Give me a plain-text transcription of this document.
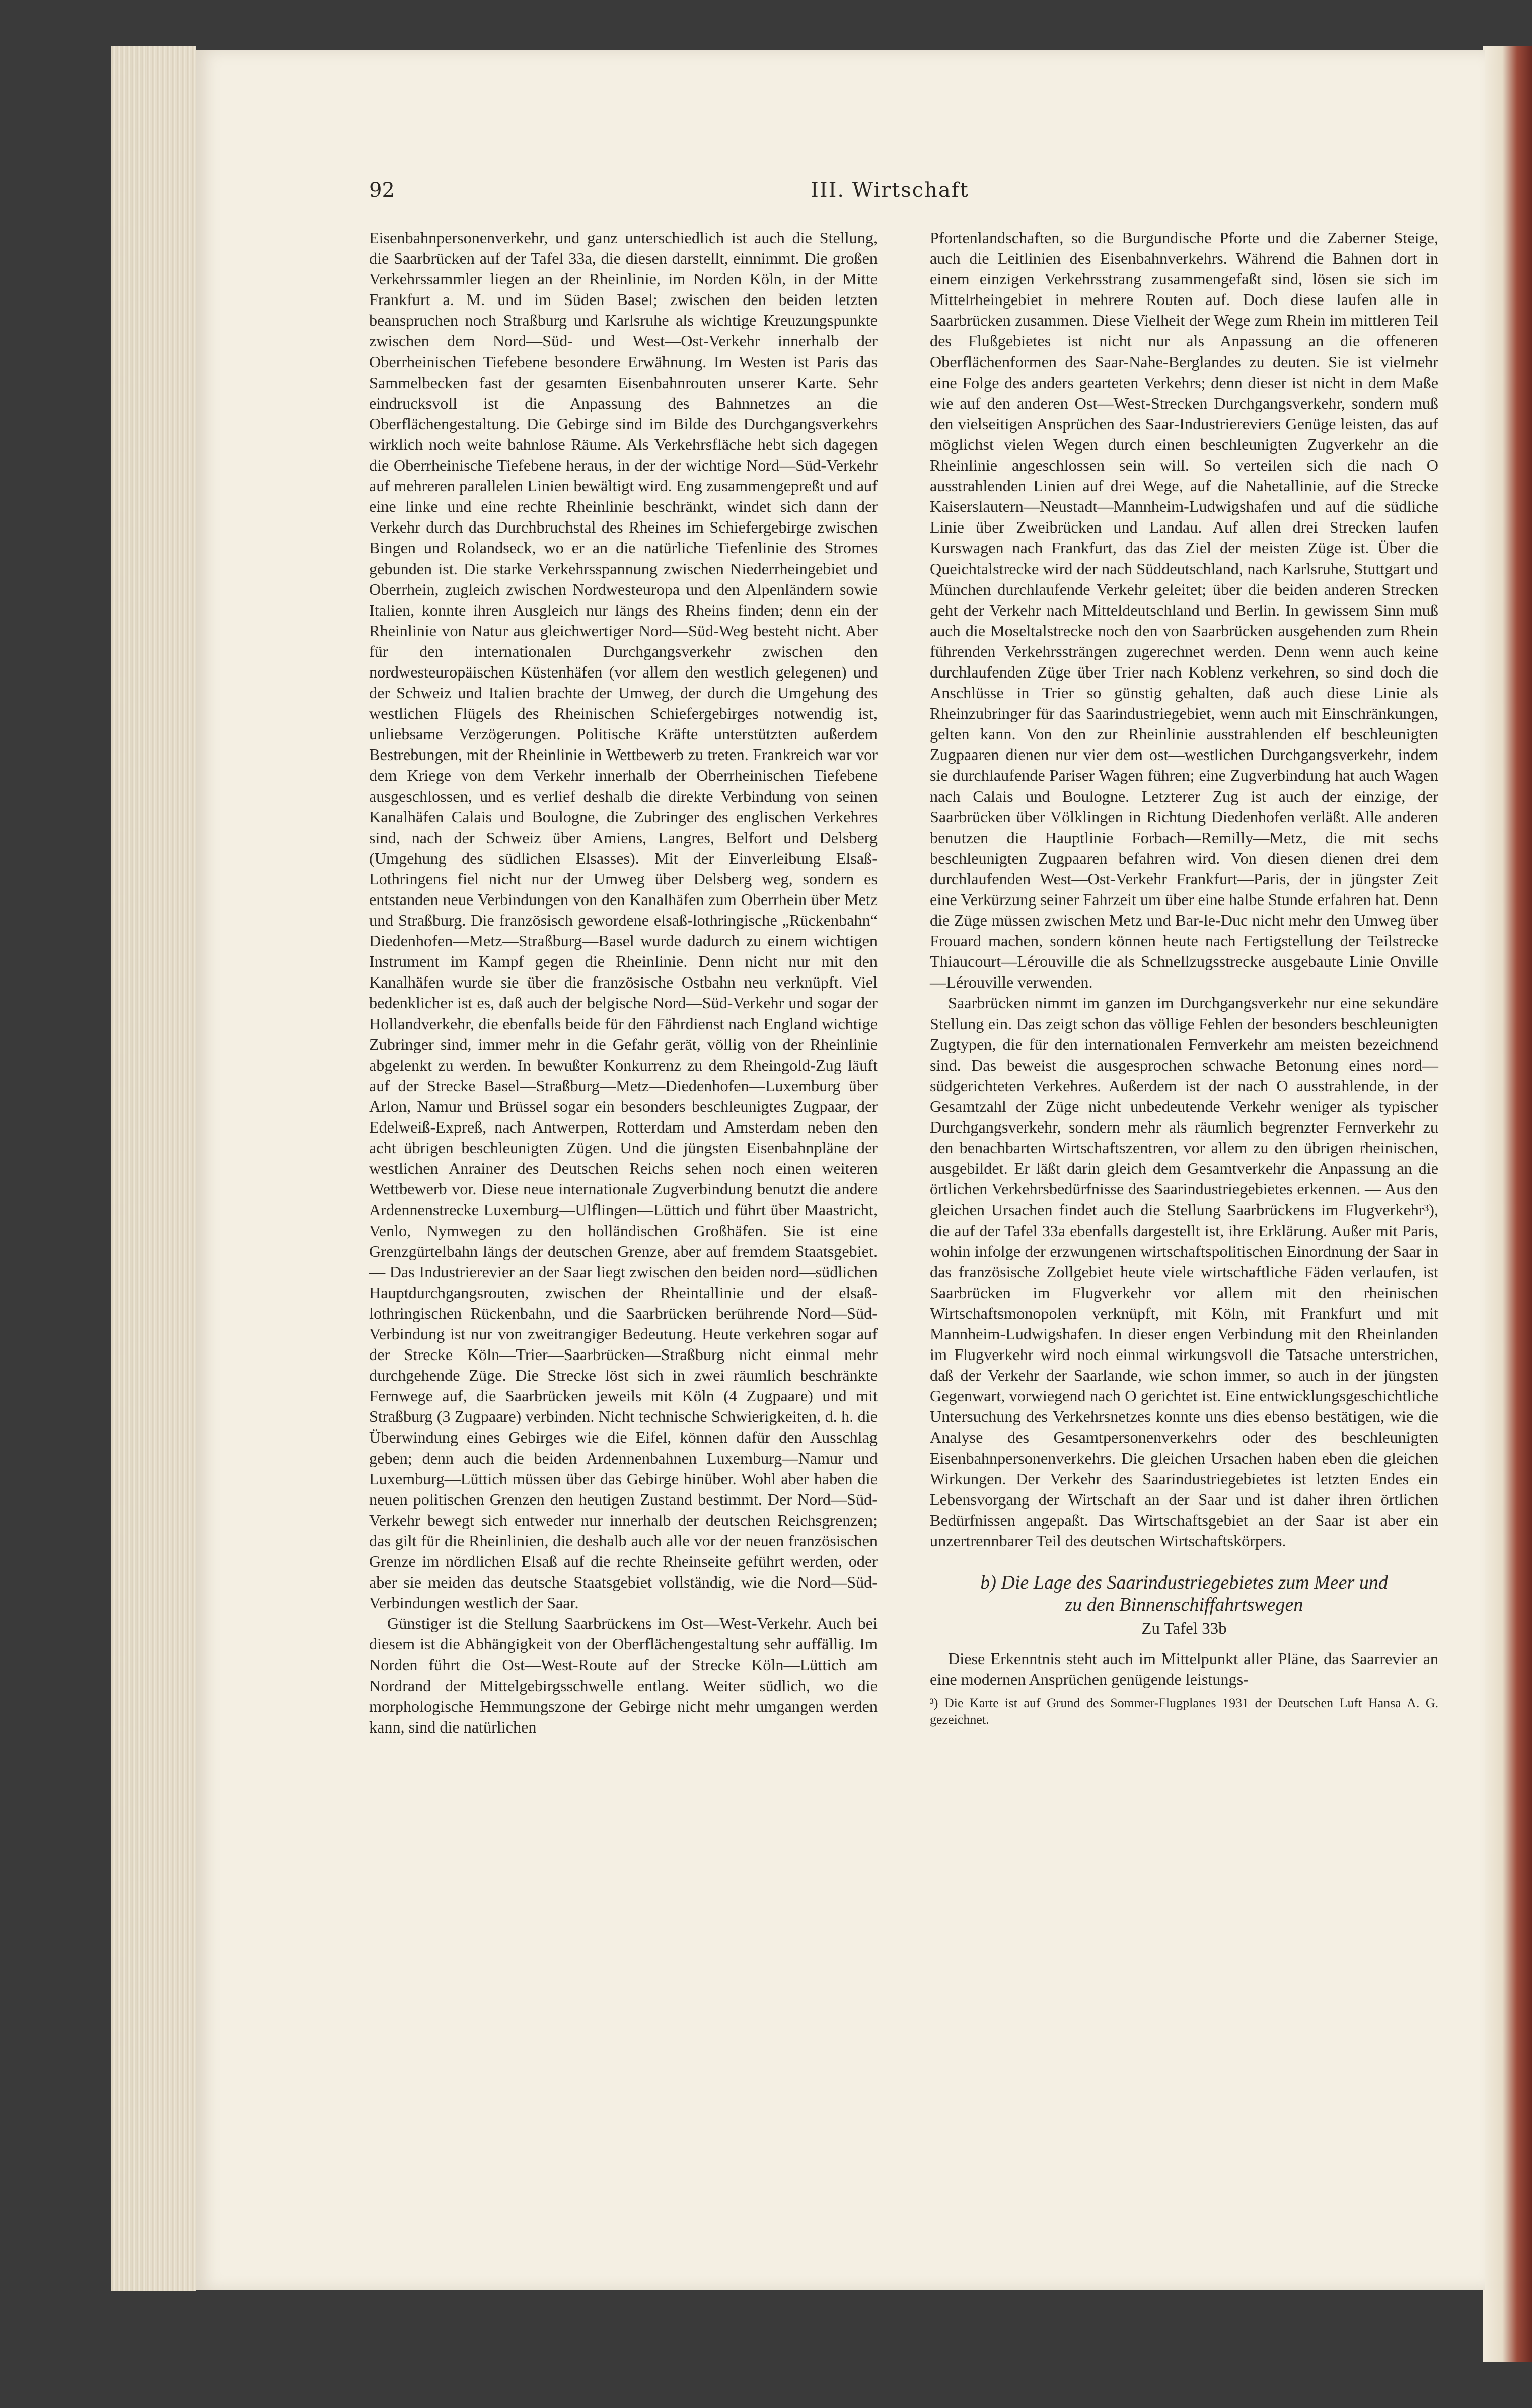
92	III. Wirtschaft

Eisenbahnpersonenverkehr, und ganz unterschiedlich ist auch die Stellung, die Saarbrücken auf der Tafel 33a, die diesen darstellt, einnimmt. Die großen Verkehrssammler liegen an der Rheinlinie, im Norden Köln, in der Mitte Frankfurt a. M. und im Süden Basel; zwischen den beiden letzten beanspruchen noch Straßburg und Karlsruhe als wichtige Kreuzungspunkte zwischen dem Nord—Süd- und West—Ost-Verkehr innerhalb der Oberrheinischen Tiefebene besondere Erwähnung. Im Westen ist Paris das Sammelbecken fast der gesamten Eisenbahnrouten unserer Karte. Sehr eindrucksvoll ist die Anpassung des Bahnnetzes an die Oberflächengestaltung. Die Gebirge sind im Bilde des Durchgangsverkehrs wirklich noch weite bahnlose Räume. Als Verkehrsfläche hebt sich dagegen die Oberrheinische Tiefebene heraus, in der der wichtige Nord—Süd-Verkehr auf mehreren parallelen Linien bewältigt wird. Eng zusammengepreßt und auf eine linke und eine rechte Rheinlinie beschränkt, windet sich dann der Verkehr durch das Durchbruchstal des Rheines im Schiefergebirge zwischen Bingen und Rolandseck, wo er an die natürliche Tiefenlinie des Stromes gebunden ist. Die starke Verkehrsspannung zwischen Niederrheingebiet und Oberrhein, zugleich zwischen Nordwesteuropa und den Alpenländern sowie Italien, konnte ihren Ausgleich nur längs des Rheins finden; denn ein der Rheinlinie von Natur aus gleichwertiger Nord—Süd-Weg besteht nicht. Aber für den internationalen Durchgangsverkehr zwischen den nordwesteuropäischen Küstenhäfen (vor allem den westlich gelegenen) und der Schweiz und Italien brachte der Umweg, der durch die Umgehung des westlichen Flügels des Rheinischen Schiefergebirges notwendig ist, unliebsame Verzögerungen. Politische Kräfte unterstützten außerdem Bestrebungen, mit der Rheinlinie in Wettbewerb zu treten. Frankreich war vor dem Kriege von dem Verkehr innerhalb der Oberrheinischen Tiefebene ausgeschlossen, und es verlief deshalb die direkte Verbindung von seinen Kanalhäfen Calais und Boulogne, die Zubringer des englischen Verkehres sind, nach der Schweiz über Amiens, Langres, Belfort und Delsberg (Umgehung des südlichen Elsasses). Mit der Einverleibung Elsaß-Lothringens fiel nicht nur der Umweg über Delsberg weg, sondern es entstanden neue Verbindungen von den Kanalhäfen zum Oberrhein über Metz und Straßburg. Die französisch gewordene elsaß-lothringische „Rückenbahn“ Diedenhofen—Metz—Straßburg—Basel wurde dadurch zu einem wichtigen Instrument im Kampf gegen die Rheinlinie. Denn nicht nur mit den Kanalhäfen wurde sie über die französische Ostbahn neu verknüpft. Viel bedenklicher ist es, daß auch der belgische Nord—Süd-Verkehr und sogar der Hollandverkehr, die ebenfalls beide für den Fährdienst nach England wichtige Zubringer sind, immer mehr in die Gefahr gerät, völlig von der Rheinlinie abgelenkt zu werden. In bewußter Konkurrenz zu dem Rheingold-Zug läuft auf der Strecke Basel—Straßburg—Metz—Diedenhofen—Luxemburg über Arlon, Namur und Brüssel sogar ein besonders beschleunigtes Zugpaar, der Edelweiß-Expreß, nach Antwerpen, Rotterdam und Amsterdam neben den acht übrigen beschleunigten Zügen. Und die jüngsten Eisenbahnpläne der westlichen Anrainer des Deutschen Reichs sehen noch einen weiteren Wettbewerb vor. Diese neue internationale Zugverbindung benutzt die andere Ardennenstrecke Luxemburg—Ulflingen—Lüttich und führt über Maastricht, Venlo, Nymwegen zu den holländischen Großhäfen. Sie ist eine Grenzgürtelbahn längs der deutschen Grenze, aber auf fremdem Staatsgebiet. — Das Industrierevier an der Saar liegt zwischen den beiden nord—südlichen Hauptdurchgangsrouten, zwischen der Rheintallinie und der elsaß-lothringischen Rückenbahn, und die Saarbrücken berührende Nord—Süd-Verbindung ist nur von zweitrangiger Bedeutung. Heute verkehren sogar auf der Strecke Köln—Trier—Saarbrücken—Straßburg nicht einmal mehr durchgehende Züge. Die Strecke löst sich in zwei räumlich beschränkte Fernwege auf, die Saarbrücken jeweils mit Köln (4 Zugpaare) und mit Straßburg (3 Zugpaare) verbinden. Nicht technische Schwierigkeiten, d. h. die Überwindung eines Gebirges wie die Eifel, können dafür den Ausschlag geben; denn auch die beiden Ardennenbahnen Luxemburg—Namur und Luxemburg—Lüttich müssen über das Gebirge hinüber. Wohl aber haben die neuen politischen Grenzen den heutigen Zustand bestimmt. Der Nord—Süd-Verkehr bewegt sich entweder nur innerhalb der deutschen Reichsgrenzen; das gilt für die Rheinlinien, die deshalb auch alle vor der neuen französischen Grenze im nördlichen Elsaß auf die rechte Rheinseite geführt werden, oder aber sie meiden das deutsche Staatsgebiet vollständig, wie die Nord—Süd-Verbindungen westlich der Saar.

Günstiger ist die Stellung Saarbrückens im Ost—West-Verkehr. Auch bei diesem ist die Abhängigkeit von der Oberflächengestaltung sehr auffällig. Im Norden führt die Ost—West-Route auf der Strecke Köln—Lüttich am Nordrand der Mittelgebirgsschwelle entlang. Weiter südlich, wo die morphologische Hemmungszone der Gebirge nicht mehr umgangen werden kann, sind die natürlichen

Pfortenlandschaften, so die Burgundische Pforte und die Zaberner Steige, auch die Leitlinien des Eisenbahnverkehrs. Während die Bahnen dort in einem einzigen Verkehrsstrang zusammengefaßt sind, lösen sie sich im Mittelrheingebiet in mehrere Routen auf. Doch diese laufen alle in Saarbrücken zusammen. Diese Vielheit der Wege zum Rhein im mittleren Teil des Flußgebietes ist nicht nur als Anpassung an die offeneren Oberflächenformen des Saar-Nahe-Berglandes zu deuten. Sie ist vielmehr eine Folge des anders gearteten Verkehrs; denn dieser ist nicht in dem Maße wie auf den anderen Ost—West-Strecken Durchgangsverkehr, sondern muß den vielseitigen Ansprüchen des Saar-Industriereviers Genüge leisten, das auf möglichst vielen Wegen durch einen beschleunigten Zugverkehr an die Rheinlinie angeschlossen sein will. So verteilen sich die nach O ausstrahlenden Linien auf drei Wege, auf die Nahetallinie, auf die Strecke Kaiserslautern—Neustadt—Mannheim-Ludwigshafen und auf die südliche Linie über Zweibrücken und Landau. Auf allen drei Strecken laufen Kurswagen nach Frankfurt, das das Ziel der meisten Züge ist. Über die Queichtalstrecke wird der nach Süddeutschland, nach Karlsruhe, Stuttgart und München durchlaufende Verkehr geleitet; über die beiden anderen Strecken geht der Verkehr nach Mitteldeutschland und Berlin. In gewissem Sinn muß auch die Moseltalstrecke noch den von Saarbrücken ausgehenden zum Rhein führenden Verkehrssträngen zugerechnet werden. Denn wenn auch keine durchlaufenden Züge über Trier nach Koblenz verkehren, so sind doch die Anschlüsse in Trier so günstig gehalten, daß auch diese Linie als Rheinzubringer für das Saarindustriegebiet, wenn auch mit Einschränkungen, gelten kann. Von den zur Rheinlinie ausstrahlenden elf beschleunigten Zugpaaren dienen nur vier dem ost—westlichen Durchgangsverkehr, indem sie durchlaufende Pariser Wagen führen; eine Zugverbindung hat auch Wagen nach Calais und Boulogne. Letzterer Zug ist auch der einzige, der Saarbrücken über Völklingen in Richtung Diedenhofen verläßt. Alle anderen benutzen die Hauptlinie Forbach—Remilly—Metz, die mit sechs beschleunigten Zugpaaren befahren wird. Von diesen dienen drei dem durchlaufenden West—Ost-Verkehr Frankfurt—Paris, der in jüngster Zeit eine Verkürzung seiner Fahrzeit um über eine halbe Stunde erfahren hat. Denn die Züge müssen zwischen Metz und Bar-le-Duc nicht mehr den Umweg über Frouard machen, sondern können heute nach Fertigstellung der Teilstrecke Thiaucourt—Lérouville die als Schnellzugsstrecke ausgebaute Linie Onville—Lérouville verwenden.

Saarbrücken nimmt im ganzen im Durchgangsverkehr nur eine sekundäre Stellung ein. Das zeigt schon das völlige Fehlen der besonders beschleunigten Zugtypen, die für den internationalen Fernverkehr am meisten bezeichnend sind. Das beweist die ausgesprochen schwache Betonung eines nord—südgerichteten Verkehres. Außerdem ist der nach O ausstrahlende, in der Gesamtzahl der Züge nicht unbedeutende Verkehr weniger als typischer Durchgangsverkehr, sondern mehr als räumlich begrenzter Fernverkehr zu den benachbarten Wirtschaftszentren, vor allem zu den übrigen rheinischen, ausgebildet. Er läßt darin gleich dem Gesamtverkehr die Anpassung an die örtlichen Verkehrsbedürfnisse des Saarindustriegebietes erkennen. — Aus den gleichen Ursachen findet auch die Stellung Saarbrückens im Flugverkehr³), die auf der Tafel 33a ebenfalls dargestellt ist, ihre Erklärung. Außer mit Paris, wohin infolge der erzwungenen wirtschaftspolitischen Einordnung der Saar in das französische Zollgebiet heute viele wirtschaftliche Fäden verlaufen, ist Saarbrücken im Flugverkehr vor allem mit den rheinischen Wirtschaftsmonopolen verknüpft, mit Köln, mit Frankfurt und mit Mannheim-Ludwigshafen. In dieser engen Verbindung mit den Rheinlanden im Flugverkehr wird noch einmal wirkungsvoll die Tatsache unterstrichen, daß der Verkehr der Saarlande, wie schon immer, so auch in der jüngsten Gegenwart, vorwiegend nach O gerichtet ist. Eine entwicklungsgeschichtliche Untersuchung des Verkehrsnetzes konnte uns dies ebenso bestätigen, wie die Analyse des Gesamtpersonenverkehrs oder des beschleunigten Eisenbahnpersonenverkehrs. Die gleichen Ursachen haben eben die gleichen Wirkungen. Der Verkehr des Saarindustriegebietes ist letzten Endes ein Lebensvorgang der Wirtschaft an der Saar und ist daher ihren örtlichen Bedürfnissen angepaßt. Das Wirtschaftsgebiet an der Saar ist aber ein unzertrennbarer Teil des deutschen Wirtschaftskörpers.

b) Die Lage des Saarindustriegebietes zum Meer und
zu den Binnenschiffahrtswegen
Zu Tafel 33b

Diese Erkenntnis steht auch im Mittelpunkt aller Pläne, das Saarrevier an eine modernen Ansprüchen genügende leistungs-

³) Die Karte ist auf Grund des Sommer-Flugplanes 1931 der Deutschen Luft Hansa A. G. gezeichnet.
